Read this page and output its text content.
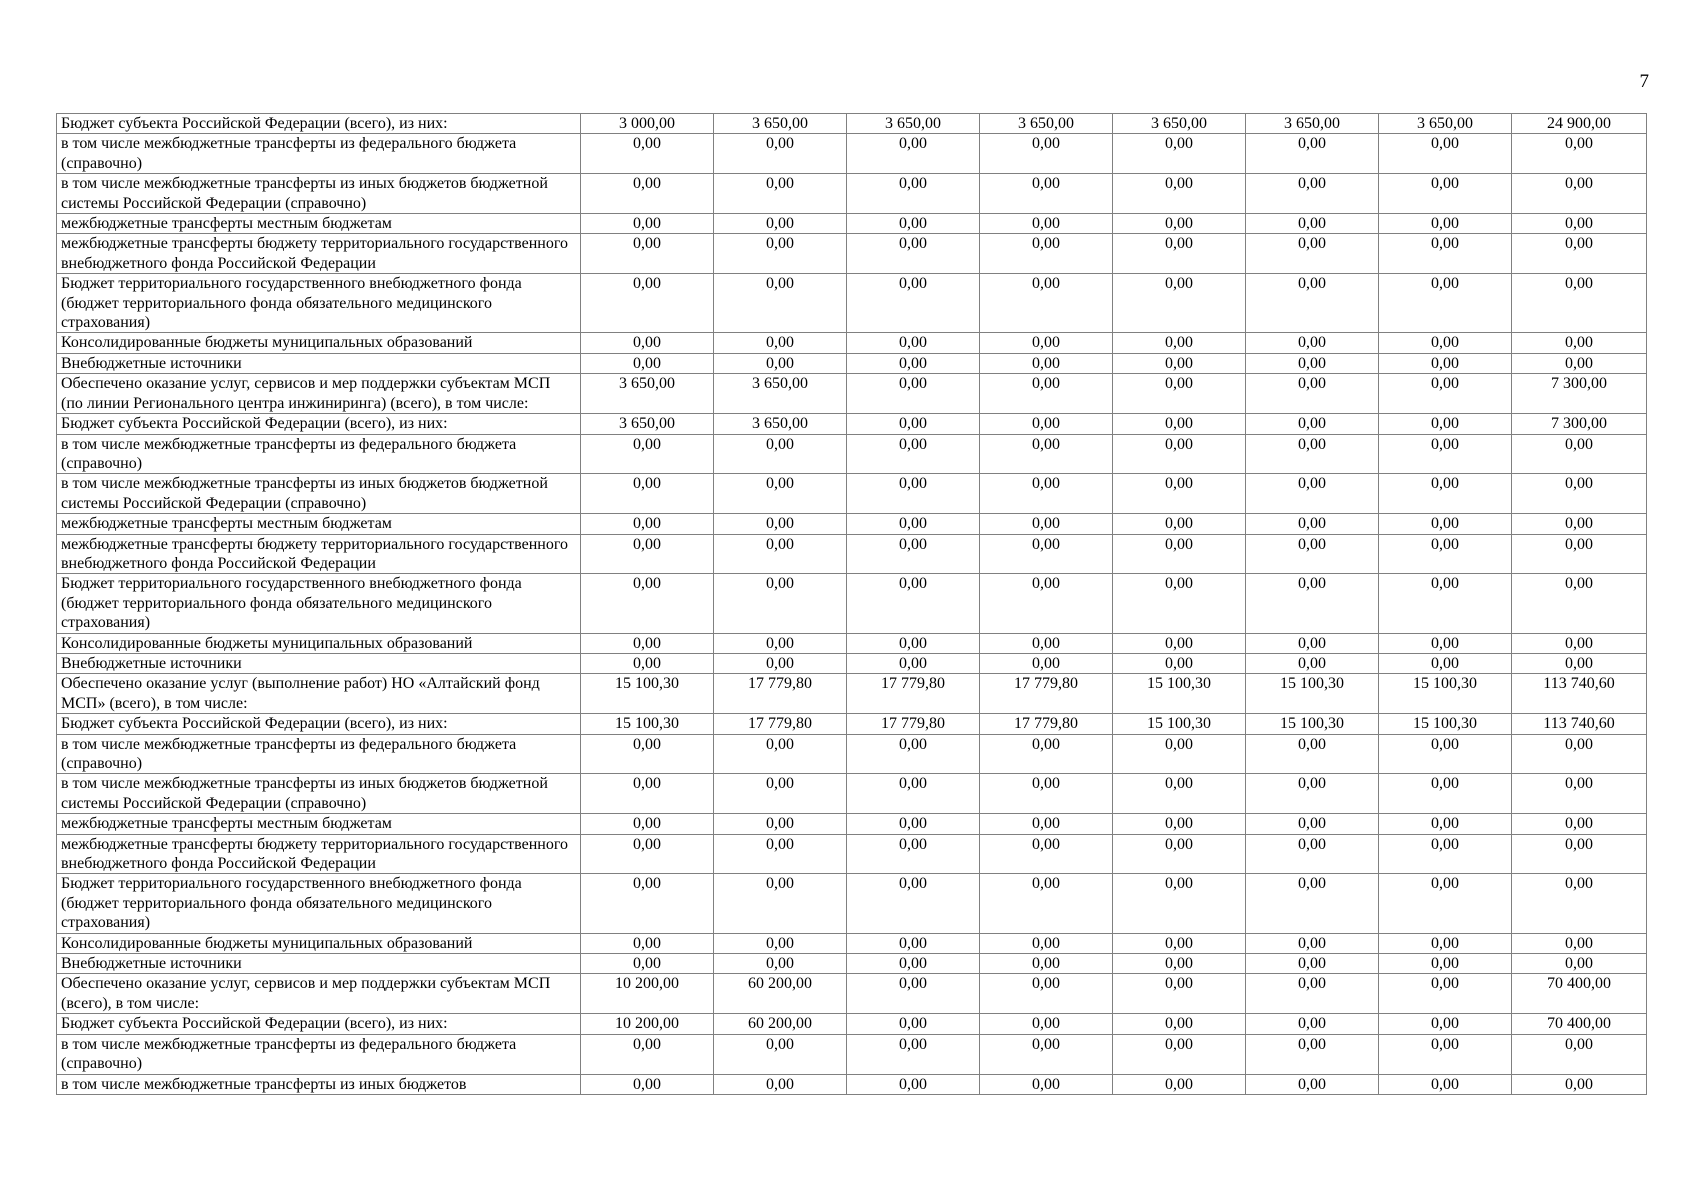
7
Бюджет субъекта Российской Федерации (всего), из них:	3 000,00	3 650,00	3 650,00	3 650,00	3 650,00	3 650,00	3 650,00	24 900,00
в том числе межбюджетные трансферты из федерального бюджета (справочно)	0,00	0,00	0,00	0,00	0,00	0,00	0,00	0,00
в том числе межбюджетные трансферты из иных бюджетов бюджетной системы Российской Федерации (справочно)	0,00	0,00	0,00	0,00	0,00	0,00	0,00	0,00
межбюджетные трансферты местным бюджетам	0,00	0,00	0,00	0,00	0,00	0,00	0,00	0,00
межбюджетные трансферты бюджету территориального государственного внебюджетного фонда Российской Федерации	0,00	0,00	0,00	0,00	0,00	0,00	0,00	0,00
Бюджет территориального государственного внебюджетного фонда (бюджет территориального фонда обязательного медицинского страхования)	0,00	0,00	0,00	0,00	0,00	0,00	0,00	0,00
Консолидированные бюджеты муниципальных образований	0,00	0,00	0,00	0,00	0,00	0,00	0,00	0,00
Внебюджетные источники	0,00	0,00	0,00	0,00	0,00	0,00	0,00	0,00
Обеспечено оказание услуг, сервисов и мер поддержки субъектам МСП (по линии Регионального центра инжиниринга) (всего), в том числе:	3 650,00	3 650,00	0,00	0,00	0,00	0,00	0,00	7 300,00
Бюджет субъекта Российской Федерации (всего), из них:	3 650,00	3 650,00	0,00	0,00	0,00	0,00	0,00	7 300,00
в том числе межбюджетные трансферты из федерального бюджета (справочно)	0,00	0,00	0,00	0,00	0,00	0,00	0,00	0,00
в том числе межбюджетные трансферты из иных бюджетов бюджетной системы Российской Федерации (справочно)	0,00	0,00	0,00	0,00	0,00	0,00	0,00	0,00
межбюджетные трансферты местным бюджетам	0,00	0,00	0,00	0,00	0,00	0,00	0,00	0,00
межбюджетные трансферты бюджету территориального государственного внебюджетного фонда Российской Федерации	0,00	0,00	0,00	0,00	0,00	0,00	0,00	0,00
Бюджет территориального государственного внебюджетного фонда (бюджет территориального фонда обязательного медицинского страхования)	0,00	0,00	0,00	0,00	0,00	0,00	0,00	0,00
Консолидированные бюджеты муниципальных образований	0,00	0,00	0,00	0,00	0,00	0,00	0,00	0,00
Внебюджетные источники	0,00	0,00	0,00	0,00	0,00	0,00	0,00	0,00
Обеспечено оказание услуг (выполнение работ) НО «Алтайский фонд МСП» (всего), в том числе:	15 100,30	17 779,80	17 779,80	17 779,80	15 100,30	15 100,30	15 100,30	113 740,60
Бюджет субъекта Российской Федерации (всего), из них:	15 100,30	17 779,80	17 779,80	17 779,80	15 100,30	15 100,30	15 100,30	113 740,60
в том числе межбюджетные трансферты из федерального бюджета (справочно)	0,00	0,00	0,00	0,00	0,00	0,00	0,00	0,00
в том числе межбюджетные трансферты из иных бюджетов бюджетной системы Российской Федерации (справочно)	0,00	0,00	0,00	0,00	0,00	0,00	0,00	0,00
межбюджетные трансферты местным бюджетам	0,00	0,00	0,00	0,00	0,00	0,00	0,00	0,00
межбюджетные трансферты бюджету территориального государственного внебюджетного фонда Российской Федерации	0,00	0,00	0,00	0,00	0,00	0,00	0,00	0,00
Бюджет территориального государственного внебюджетного фонда (бюджет территориального фонда обязательного медицинского страхования)	0,00	0,00	0,00	0,00	0,00	0,00	0,00	0,00
Консолидированные бюджеты муниципальных образований	0,00	0,00	0,00	0,00	0,00	0,00	0,00	0,00
Внебюджетные источники	0,00	0,00	0,00	0,00	0,00	0,00	0,00	0,00
Обеспечено оказание услуг, сервисов и мер поддержки субъектам МСП (всего), в том числе:	10 200,00	60 200,00	0,00	0,00	0,00	0,00	0,00	70 400,00
Бюджет субъекта Российской Федерации (всего), из них:	10 200,00	60 200,00	0,00	0,00	0,00	0,00	0,00	70 400,00
в том числе межбюджетные трансферты из федерального бюджета (справочно)	0,00	0,00	0,00	0,00	0,00	0,00	0,00	0,00
в том числе межбюджетные трансферты из иных бюджетов	0,00	0,00	0,00	0,00	0,00	0,00	0,00	0,00
